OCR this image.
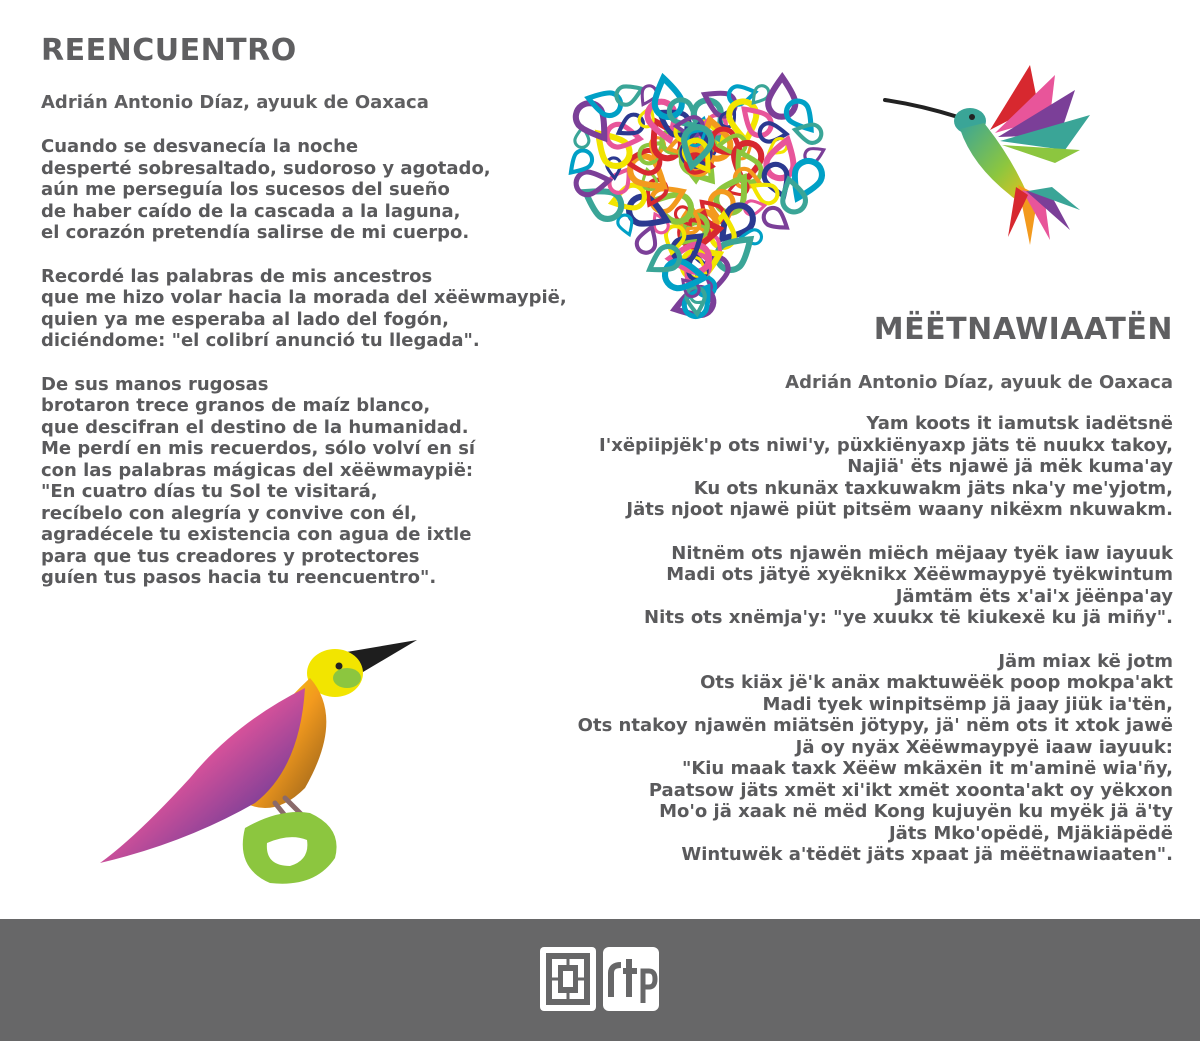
REENCUENTRO

Adrián Antonio Díaz, ayuuk de Oaxaca

Cuando se desvanecía la noche
desperté sobresaltado, sudoroso y agotado,
aún me perseguía los sucesos del sueño
de haber caído de la cascada a la laguna,
el corazón pretendía salirse de mi cuerpo.
Recordé las palabras de mis ancestros
que me hizo volar hacia la morada del xëëwmaypië,
quien ya me esperaba al lado del fogón,
diciéndome: "el colibrí anunció tu llegada".
De sus manos rugosas
brotaron trece granos de maíz blanco,
que descifran el destino de la humanidad.
Me perdí en mis recuerdos, sólo volví en sí
con las palabras mágicas del xëëwmaypië:
"En cuatro días tu Sol te visitará,
recíbelo con alegría y convive con él,
agradécele tu existencia con agua de ixtle
para que tus creadores y protectores
guíen tus pasos hacia tu reencuentro".
MËËTNAWIAATËN

Adrián Antonio Díaz, ayuuk de Oaxaca

Yam koots it iamutsk iadëtsnë
I'xëpiipjëk'p ots niwi'y, püxkiënyaxp jäts të nuukx takoy,
Najiä' ëts njawë jä mëk kuma'ay
Ku ots nkunäx taxkuwakm jäts nka'y me'yjotm,
Jäts njoot njawë piüt pitsëm waany nikëxm nkuwakm.
Nitnëm ots njawën miëch mëjaay tyëk iaw iayuuk
Madi ots jätyë xyëknikx Xëëwmaypyë tyëkwintum
Jämtäm ëts x'ai'x jëënpa'ay
Nits ots xnëmja'y: "ye xuukx të kiukexë ku jä miñy".
Jäm miax kë jotm
Ots kiäx jë'k anäx maktuwëëk poop mokpa'akt
Madi tyek winpitsëmp jä jaay jiük ia'tën,
Ots ntakoy njawën miätsën jötypy, jä' nëm ots it xtok jawë
Jä oy nyäx Xëëwmaypyë iaaw iayuuk:
"Kiu maak taxk Xëëw mkäxën it m'aminë wia'ñy,
Paatsow jäts xmët xi'ikt xmët xoonta'akt oy yëkxon
Mo'o jä xaak në mëd Kong kujuyën ku myëk jä ä'ty
Jäts Mko'opëdë, Mjäkiäpëdë
Wintuwëk a'tëdët jäts xpaat jä mëëtnawiaaten".
